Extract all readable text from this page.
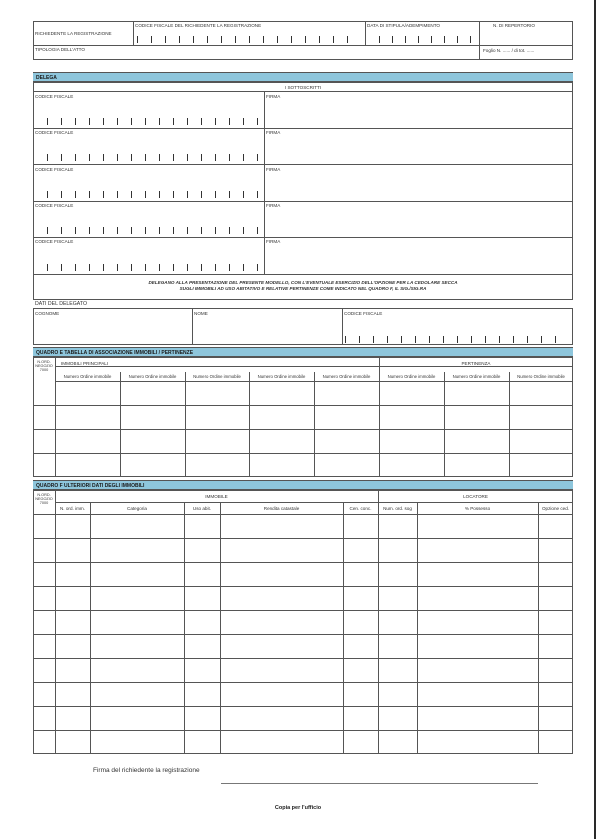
RICHIEDENTE LA REGISTRAZIONE
CODICE FISCALE DEL RICHIEDENTE LA REGISTRAZIONE	DATA DI STIPULA/ADEMPIMENTO	N. DI REPERTORIO
TIPOLOGIA DELL'ATTO	Foglio N. ...... / di tot. ......
DELEGA
I SOTTOSCRITTI
CODICE FISCALE	FIRMA
CODICE FISCALE	FIRMA
CODICE FISCALE	FIRMA
CODICE FISCALE	FIRMA
CODICE FISCALE	FIRMA
DELEGANO ALLA PRESENTAZIONE DEL PRESENTE MODELLO, CON L'EVENTUALE ESERCIZIO DELL'OPZIONE PER LA CEDOLARE SECCA
SUGLI IMMOBILI AD USO ABITATIVO E RELATIVE PERTINENZE COME INDICATO NEL QUADRO F, IL SIG./SIG.RA
DATI DEL DELEGATO
COGNOME	NOME	CODICE FISCALE
QUADRO E TABELLA DI ASSOCIAZIONE IMMOBILI / PERTINENZE
N.ORD. NEGOZIO 7000
IMMOBILI PRINCIPALI	PERTINENZA
Numero Ordine immobile	Numero Ordine immobile	Numero Ordine immobile	Numero Ordine immobile	Numero Ordine immobile	Numero Ordine immobile	Numero Ordine immobile	Numero Ordine immobile
QUADRO F ULTERIORI DATI DEGLI IMMOBILI
N.ORD. NEGOZIO 7000
IMMOBILE	LOCATORE
N. ord. imm.	Categoria	Uso abit.	Rendita catastale	Cen. conc.	Num. ord. sog	% Possesso	Opzione ced.
Firma del richiedente la registrazione
Copia per l'ufficio
